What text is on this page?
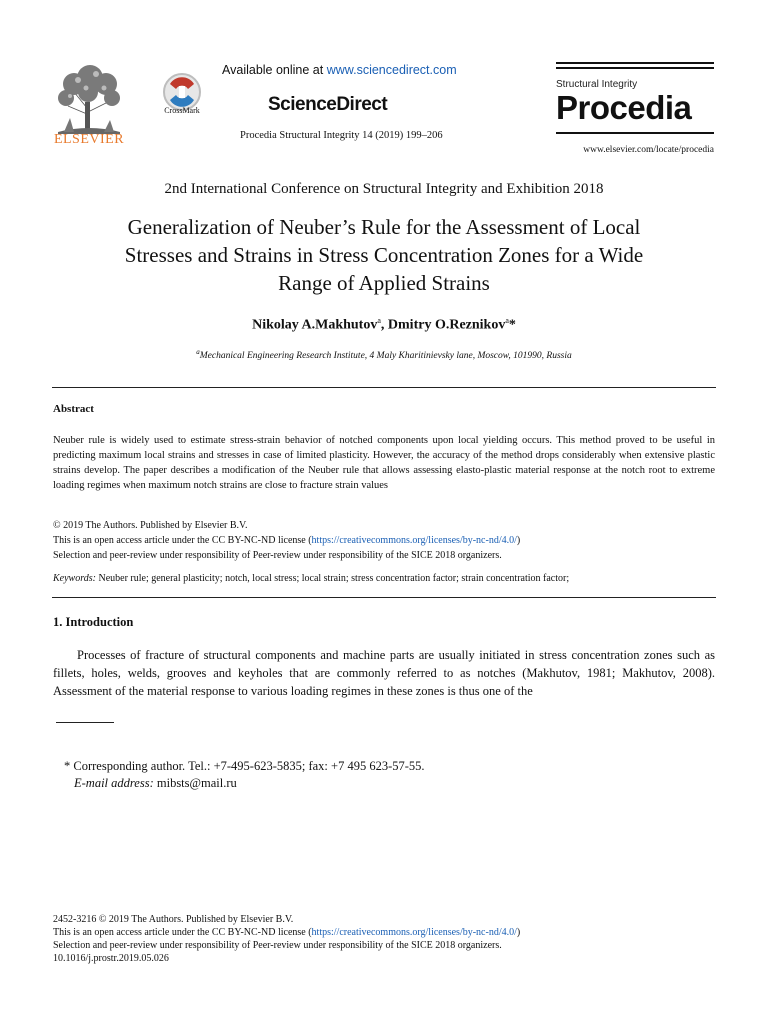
ELSEVIER
CrossMark
Available online at www.sciencedirect.com
ScienceDirect
Procedia Structural Integrity 14 (2019) 199–206
Structural Integrity
Procedia
www.elsevier.com/locate/procedia
2nd International Conference on Structural Integrity and Exhibition 2018
Generalization of Neuber’s Rule for the Assessment of Local
Stresses and Strains in Stress Concentration Zones for a Wide
Range of Applied Strains
Nikolay A.Makhutov$^a$, Dmitry O.Reznikov$^a$*
$^a$Mechanical Engineering Research Institute, 4 Maly Kharitinievsky lane, Moscow, 101990, Russia
Abstract
Neuber rule is widely used to estimate stress-strain behavior of notched components upon local yielding occurs. This method proved to be useful in predicting maximum local strains and stresses in case of limited plasticity. However, the accuracy of the method drops considerably when extensive plastic strains develop. The paper describes a modification of the Neuber rule that allows assessing elasto-plastic material response at the notch root to extreme loading regimes when maximum notch strains are close to fracture strain values
© 2019 The Authors. Published by Elsevier B.V.
This is an open access article under the CC BY-NC-ND license (https://creativecommons.org/licenses/by-nc-nd/4.0/)
Selection and peer-review under responsibility of Peer-review under responsibility of the SICE 2018 organizers.
Keywords: Neuber rule; general plasticity; notch, local stress; local strain; stress concentration factor; strain concentration factor;
1. Introduction
Processes of fracture of structural components and machine parts are usually initiated in stress concentration zones such as fillets, holes, welds, grooves and keyholes that are commonly referred to as notches (Makhutov, 1981; Makhutov, 2008). Assessment of the material response to various loading regimes in these zones is thus one of the
* Corresponding author. Tel.: +7-495-623-5835; fax: +7 495 623-57-55.
E-mail address: mibsts@mail.ru
2452-3216 © 2019 The Authors. Published by Elsevier B.V.
This is an open access article under the CC BY-NC-ND license (https://creativecommons.org/licenses/by-nc-nd/4.0/)
Selection and peer-review under responsibility of Peer-review under responsibility of the SICE 2018 organizers.
10.1016/j.prostr.2019.05.026
